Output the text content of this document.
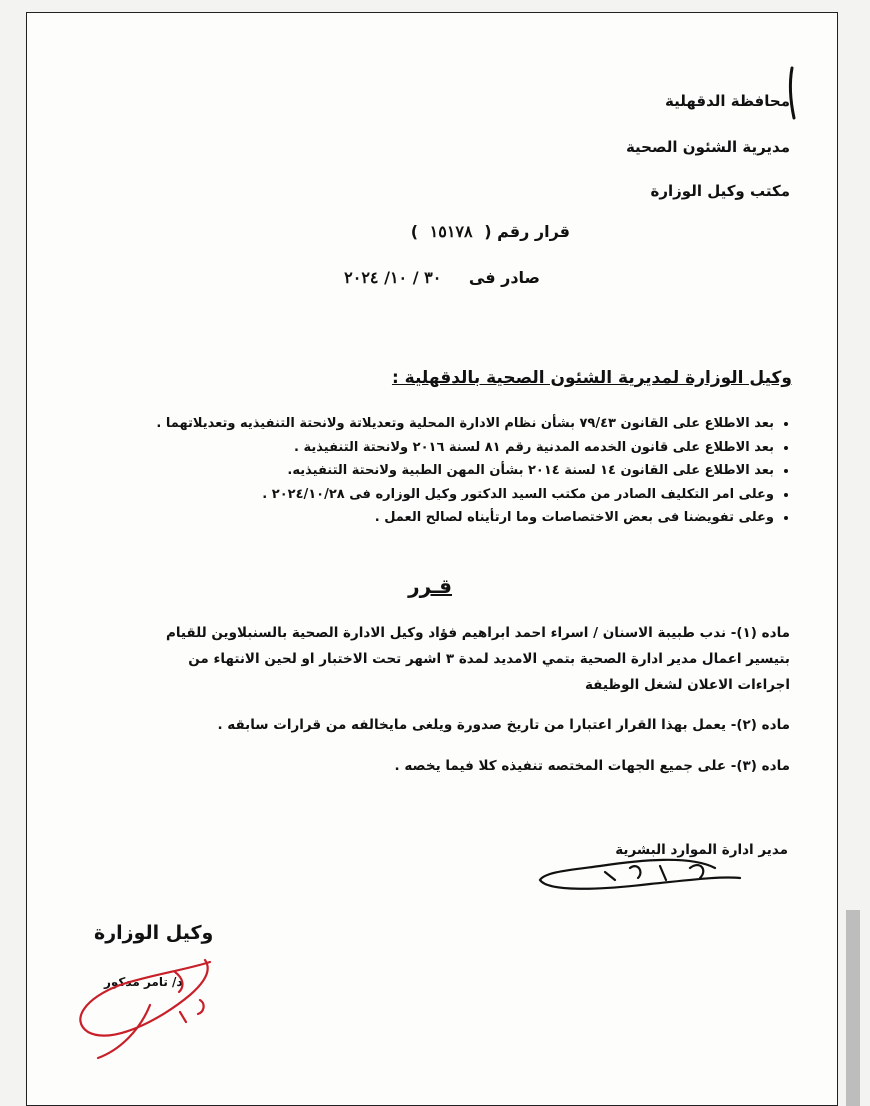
محافظة الدقهلية
مديرية الشئون الصحية
مكتب وكيل الوزارة
قرار رقم ( ١٥١٧٨ )
صادر فى ٣٠ / ١٠/ ٢٠٢٤
وكيل الوزارة لمديرية الشئون الصحية بالدقهلية :
• بعد الاطلاع على القانون ٧٩/٤٣ بشأن نظام الادارة المحلية وتعديلاتة ولانحتة التنفيذيه وتعديلاتهما .
• بعد الاطلاع على قانون الخدمه المدنية رقم ٨١ لسنة ٢٠١٦ ولانحتة التنفيذية .
• بعد الاطلاع على القانون ١٤ لسنة ٢٠١٤ بشأن المهن الطبية ولانحتة التنفيذيه.
• وعلى امر التكليف الصادر من مكتب السيد الدكتور وكيل الوزاره فى ٢٠٢٤/١٠/٢٨ .
• وعلى تفويضنا فى بعض الاختصاصات وما ارتأيناه لصالح العمل .
قـرر
ماده (١)- ندب طبيبة الاسنان / اسراء احمد ابراهيم فؤاد وكيل الادارة الصحية بالسنبلاوين للقيام
بتيسير اعمال مدير ادارة الصحية بتمي الامديد لمدة ٣ اشهر تحت الاختبار او لحين الانتهاء من
اجراءات الاعلان لشغل الوظيفة
ماده (٢)- يعمل بهذا القرار اعتبارا من تاريخ صدورة ويلغى مايخالفه من قرارات سابقه .
ماده (٣)- على جميع الجهات المختصه تنفيذه كلا فيما يخصه .
مدير ادارة الموارد البشرية
وكيل الوزارة
د/ تامر مدكور
